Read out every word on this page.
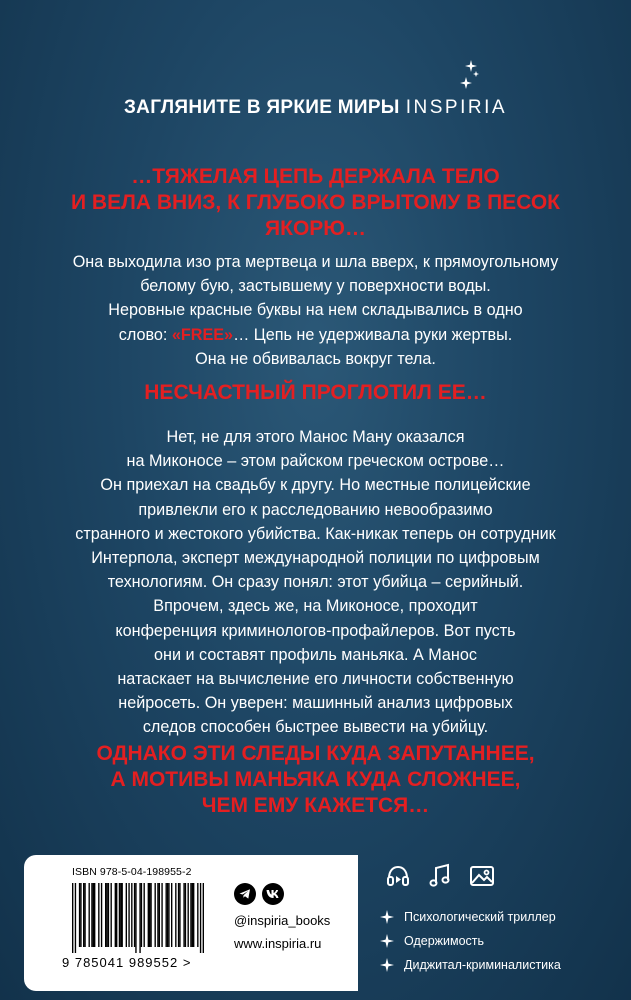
ЗАГЛЯНИТЕ В ЯРКИЕ МИРЫ INSPIRIA
…ТЯЖЕЛАЯ ЦЕПЬ ДЕРЖАЛА ТЕЛО
И ВЕЛА ВНИЗ, К ГЛУБОКО ВРЫТОМУ В ПЕСОК
ЯКОРЮ…
Она выходила изо рта мертвеца и шла вверх, к прямоугольному
белому бую, застывшему у поверхности воды.
Неровные красные буквы на нем складывались в одно
слово: «FREE»… Цепь не удерживала руки жертвы.
Она не обвивалась вокруг тела.
НЕСЧАСТНЫЙ ПРОГЛОТИЛ ЕЕ…
Нет, не для этого Манос Ману оказался
на Миконосе – этом райском греческом острове…
Он приехал на свадьбу к другу. Но местные полицейские
привлекли его к расследованию невообразимо
странного и жестокого убийства. Как-никак теперь он сотрудник
Интерпола, эксперт международной полиции по цифровым
технологиям. Он сразу понял: этот убийца – серийный.
Впрочем, здесь же, на Миконосе, проходит
конференция криминологов-профайлеров. Вот пусть
они и составят профиль маньяка. А Манос
натаскает на вычисление его личности собственную
нейросеть. Он уверен: машинный анализ цифровых
следов способен быстрее вывести на убийцу.
ОДНАКО ЭТИ СЛЕДЫ КУДА ЗАПУТАННЕЕ,
А МОТИВЫ МАНЬЯКА КУДА СЛОЖНЕЕ,
ЧЕМ ЕМУ КАЖЕТСЯ…
ISBN 978-5-04-198955-2
9 785041 989552 >
@inspiria_books
www.inspiria.ru
Психологический триллер
Одержимость
Диджитал-криминалистика
